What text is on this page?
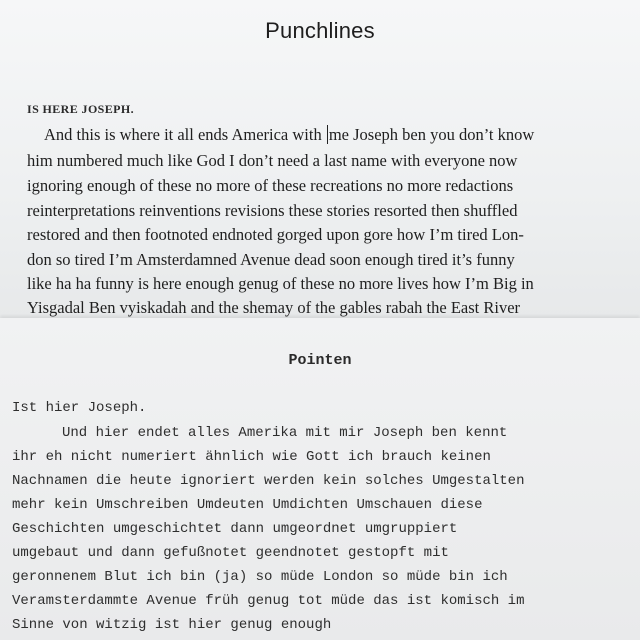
Punchlines
IS HERE JOSEPH.
And this is where it all ends America with me Joseph ben you don’t know
him numbered much like God I don’t need a last name with everyone now
ignoring enough of these no more of these recreations no more redactions
reinterpretations reinventions revisions these stories resorted then shuffled
restored and then footnoted endnoted gorged upon gore how I’m tired Lon-
don so tired I’m Amsterdamned Avenue dead soon enough tired it’s funny
like ha ha funny is here enough genug of these no more lives how I’m Big in
Yisgadal Ben vyiskadah and the shemay of the gables rabah the East River
Pointen
Ist hier Joseph.
Und hier endet alles Amerika mit mir Joseph ben kennt
ihr eh nicht numeriert ähnlich wie Gott ich brauch keinen
Nachnamen die heute ignoriert werden kein solches Umgestalten
mehr kein Umschreiben Umdeuten Umdichten Umschauen diese
Geschichten umgeschichtet dann umgeordnet umgruppiert
umgebaut und dann gefußnotet geendnotet gestopft mit
geronnenem Blut ich bin (ja) so müde London so müde bin ich
Veramsterdammte Avenue früh genug tot müde das ist komisch im
Sinne von witzig ist hier genug enough
